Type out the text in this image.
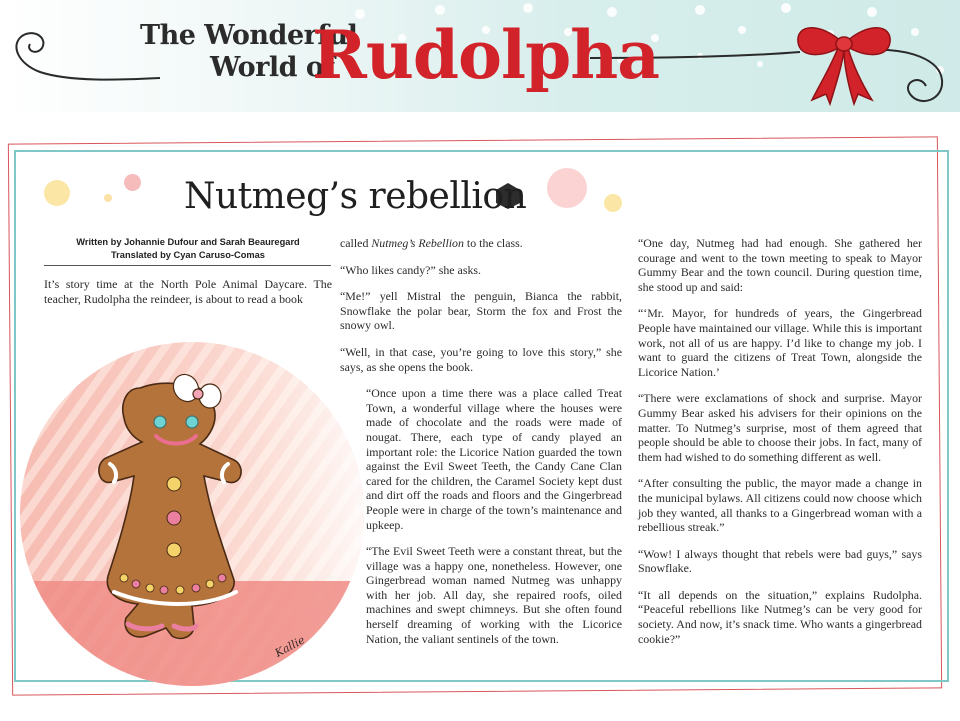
The Wonderful
World of
Rudolpha
Nutmeg’s rebellion
Written by Johannie Dufour and Sarah Beauregard
Translated by Cyan Caruso-Comas

It’s story time at the North Pole Animal Daycare. The teacher, Rudolpha the reindeer, is about to read a book

Kallie

called Nutmeg’s Rebellion to the class.

“Who likes candy?” she asks.

“Me!” yell Mistral the penguin, Bianca the rabbit, Snowflake the polar bear, Storm the fox and Frost the snowy owl.

“Well, in that case, you’re going to love this story,” she says, as she opens the book.

“Once upon a time there was a place called Treat Town, a wonderful village where the houses were made of chocolate and the roads were made of nougat. There, each type of candy played an important role: the Licorice Nation guarded the town against the Evil Sweet Teeth, the Candy Cane Clan cared for the children, the Caramel Society kept dust and dirt off the roads and floors and the Gingerbread People were in charge of the town’s maintenance and upkeep.

“The Evil Sweet Teeth were a constant threat, but the village was a happy one, nonetheless. However, one Gingerbread woman named Nutmeg was unhappy with her job. All day, she repaired roofs, oiled machines and swept chimneys. But she often found herself dreaming of working with the Licorice Nation, the valiant sentinels of the town.

“One day, Nutmeg had had enough. She gathered her courage and went to the town meeting to speak to Mayor Gummy Bear and the town council. During question time, she stood up and said:

“‘Mr. Mayor, for hundreds of years, the Gingerbread People have maintained our village. While this is important work, not all of us are happy. I’d like to change my job. I want to guard the citizens of Treat Town, alongside the Licorice Nation.’

“There were exclamations of shock and surprise. Mayor Gummy Bear asked his advisers for their opinions on the matter. To Nutmeg’s surprise, most of them agreed that people should be able to choose their jobs. In fact, many of them had wished to do something different as well.

“After consulting the public, the mayor made a change in the municipal bylaws. All citizens could now choose which job they wanted, all thanks to a Gingerbread woman with a rebellious streak.”

“Wow! I always thought that rebels were bad guys,” says Snowflake.

“It all depends on the situation,” explains Rudolpha. “Peaceful rebellions like Nutmeg’s can be very good for society. And now, it’s snack time. Who wants a gingerbread cookie?”
